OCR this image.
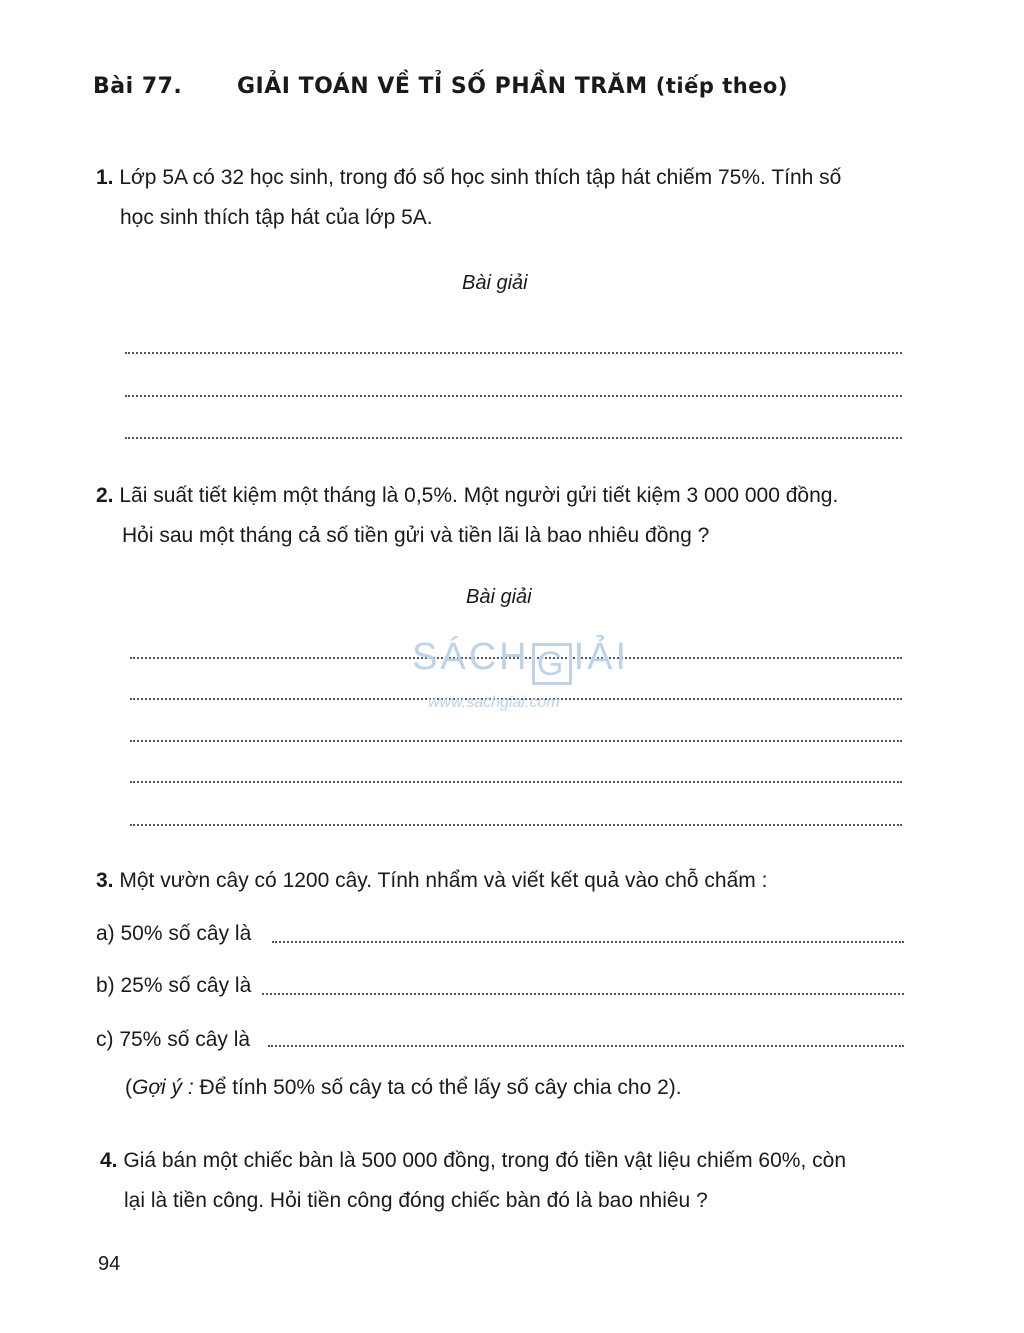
Bài 77. GIẢI TOÁN VỀ TỈ SỐ PHẦN TRĂM (tiếp theo)
1. Lớp 5A có 32 học sinh, trong đó số học sinh thích tập hát chiếm 75%. Tính số
học sinh thích tập hát của lớp 5A.
Bài giải
2. Lãi suất tiết kiệm một tháng là 0,5%. Một người gửi tiết kiệm 3 000 000 đồng.
Hỏi sau một tháng cả số tiền gửi và tiền lãi là bao nhiêu đồng ?
Bài giải
SÁCH G IẢI
www.sachgiai.com
3. Một vườn cây có 1200 cây. Tính nhẩm và viết kết quả vào chỗ chấm :
a) 50% số cây là
b) 25% số cây là
c) 75% số cây là
(Gợi ý : Để tính 50% số cây ta có thể lấy số cây chia cho 2).
4. Giá bán một chiếc bàn là 500 000 đồng, trong đó tiền vật liệu chiếm 60%, còn
lại là tiền công. Hỏi tiền công đóng chiếc bàn đó là bao nhiêu ?
94
